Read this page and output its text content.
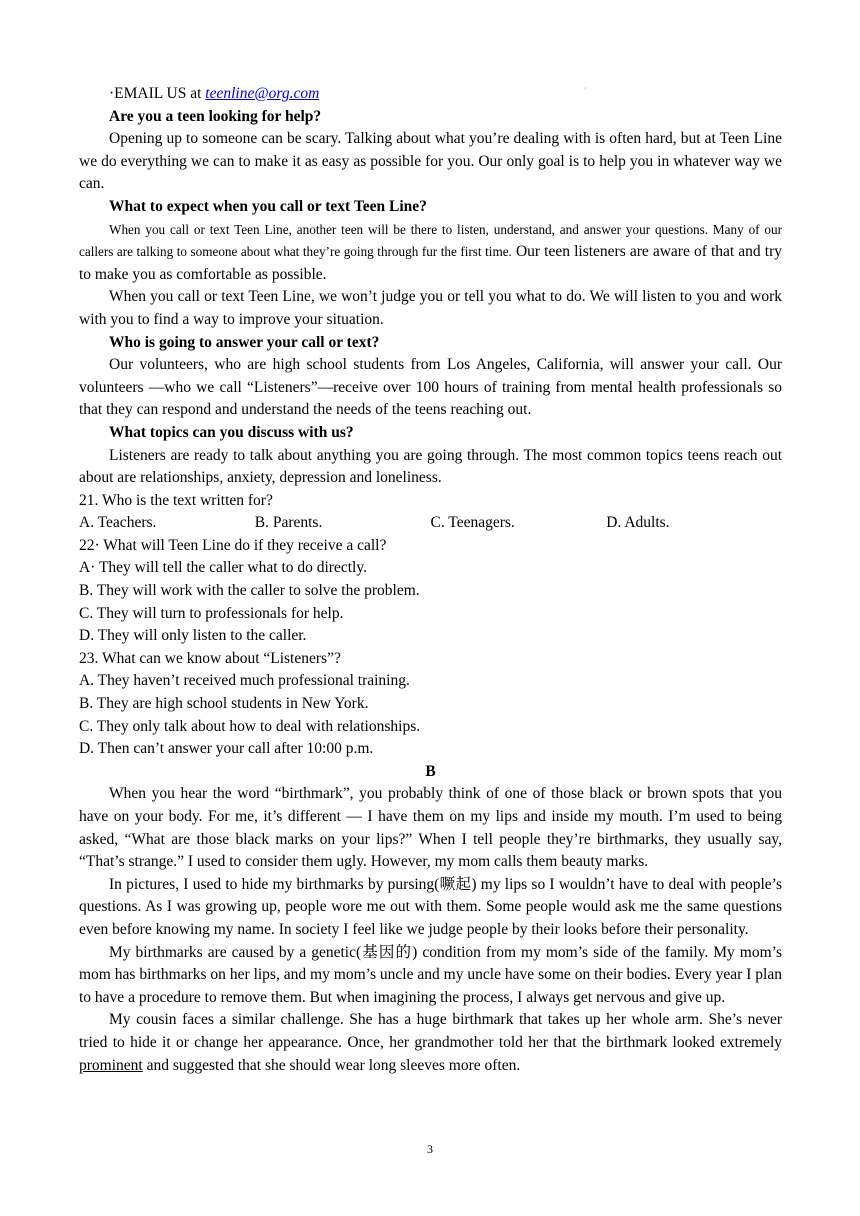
'
·EMAIL US at teenline@org.com
Are you a teen looking for help?
Opening up to someone can be scary. Talking about what you’re dealing with is often hard, but at Teen Line we do everything we can to make it as easy as possible for you. Our only goal is to help you in whatever way we can.
What to expect when you call or text Teen Line?
When you call or text Teen Line, another teen will be there to listen, understand, and answer your questions. Many of our callers are talking to someone about what they’re going through fur the first time. Our teen listeners are aware of that and try to make you as comfortable as possible.
When you call or text Teen Line, we won’t judge you or tell you what to do. We will listen to you and work with you to find a way to improve your situation.
Who is going to answer your call or text?
Our volunteers, who are high school students from Los Angeles, California, will answer your call. Our volunteers —who we call “Listeners”—receive over 100 hours of training from mental health professionals so that they can respond and understand the needs of the teens reaching out.
What topics can you discuss with us?
Listeners are ready to talk about anything you are going through. The most common topics teens reach out about are relationships, anxiety, depression and loneliness.
21. Who is the text written for?
A. Teachers.	B. Parents.	C. Teenagers.	D. Adults.
22· What will Teen Line do if they receive a call?
A· They will tell the caller what to do directly.
B. They will work with the caller to solve the problem.
C. They will turn to professionals for help.
D. They will only listen to the caller.
23. What can we know about “Listeners”?
A. They haven’t received much professional training.
B. They are high school students in New York.
C. They only talk about how to deal with relationships.
D. Then can’t answer your call after 10:00 p.m.
B
When you hear the word “birthmark”, you probably think of one of those black or brown spots that you have on your body. For me, it’s different — I have them on my lips and inside my mouth. I’m used to being asked, “What are those black marks on your lips?” When I tell people they’re birthmarks, they usually say, “That’s strange.” I used to consider them ugly. However, my mom calls them beauty marks.
In pictures, I used to hide my birthmarks by pursing(噘起) my lips so I wouldn’t have to deal with people’s questions. As I was growing up, people wore me out with them. Some people would ask me the same questions even before knowing my name. In society I feel like we judge people by their looks before their personality.
My birthmarks are caused by a genetic(基因的) condition from my mom’s side of the family. My mom’s mom has birthmarks on her lips, and my mom’s uncle and my uncle have some on their bodies. Every year I plan to have a procedure to remove them. But when imagining the process, I always get nervous and give up.
My cousin faces a similar challenge. She has a huge birthmark that takes up her whole arm. She’s never tried to hide it or change her appearance. Once, her grandmother told her that the birthmark looked extremely prominent and suggested that she should wear long sleeves more often.
3
